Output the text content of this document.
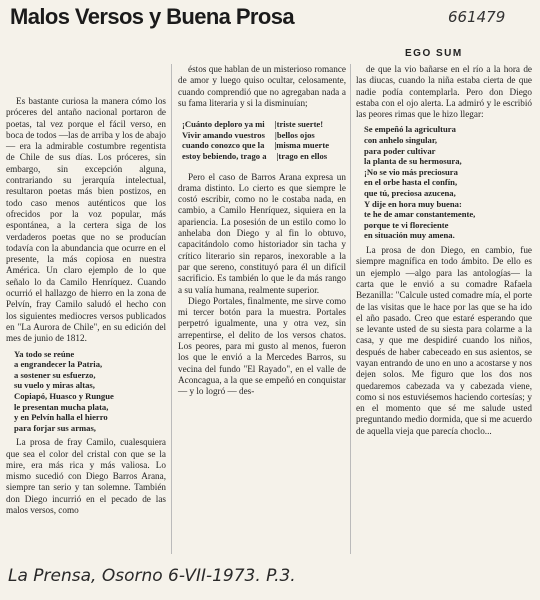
Malos Versos y Buena Prosa	661479
EGO SUM

Es bastante curiosa la manera cómo los próceres del antaño nacional portaron de poetas, tal vez porque el fácil verso, en boca de todos —las de arriba y los de abajo— era la admirable costumbre regentista de Chile de sus días. Los próceres, sin embargo, sin excepción alguna, contrariando su jerarquía intelectual, resultaron poetas más bien postizos, en todo caso menos auténticos que los ofrecidos por la voz popular, más espontánea, a la certera siga de los verdaderos poetas que no se producían todavía con la abundancia que ocurre en el presente, la más copiosa en nuestra América. Un claro ejemplo de lo que señalo lo da Camilo Henríquez. Cuando ocurrió el hallazgo de hierro en la zona de Pelvín, fray Camilo saludó el hecho con los siguientes mediocres versos publicados en "La Aurora de Chile", en su edición del mes de junio de 1812.

Ya todo se reúne
a engrandecer la Patria,
a sostener su esfuerzo,
su vuelo y miras altas,
Copiapó, Huasco y Rungue
le presentan mucha plata,
y en Pelvín halla el hierro
para forjar sus armas,

La prosa de fray Camilo, cualesquiera que sea el color del cristal con que se la mire, era más rica y más valiosa. Lo mismo sucedió con Diego Barros Arana, siempre tan serio y tan solemne. También don Diego incurrió en el pecado de las malos versos, como

éstos que hablan de un misterioso romance de amor y luego quiso ocultar, celosamente, cuando comprendió que no agregaban nada a su fama literaria y si la disminuían;

¡Cuánto deploro ya mi |triste suerte!
Vivir amando vuestros |bellos ojos
cuando conozco que la |misma muerte
estoy bebiendo, trago a |trago en ellos

Pero el caso de Barros Arana expresa un drama distinto. Lo cierto es que siempre le costó escribir, como no le costaba nada, en cambio, a Camilo Henríquez, siquiera en la apariencia. La posesión de un estilo como lo anhelaba don Diego y al fin lo obtuvo, capacitándolo como historiador sin tacha y crítico literario sin reparos, inexorable a la par que sereno, constituyó para él un difícil sacrificio. Es también lo que le da más rango a su valía humana, realmente superior.

Diego Portales, finalmente, me sirve como mi tercer botón para la muestra. Portales perpetró igualmente, una y otra vez, sin arrepentirse, el delito de los versos chatos. Los peores, para mi gusto al menos, fueron los que le envió a la Mercedes Barros, su vecina del fundo "El Rayado", en el valle de Aconcagua, a la que se empeñó en conquistar — y lo logró — des-

de que la vio bañarse en el río a la hora de las diucas, cuando la niña estaba cierta de que nadie podía contemplarla. Pero don Diego estaba con el ojo alerta. La admiró y le escribió las peores rimas que le hizo llegar:

Se empeñó la agricultura
con anhelo singular,
para poder cultivar
la planta de su hermosura,
¡No se vio más preciosura
en el orbe hasta el confín,
que tú, preciosa azucena,
Y dije en hora muy buena:
te he de amar constantemente,
porque te vi floreciente
en situación muy amena.

La prosa de don Diego, en cambio, fue siempre magnífica en todo ámbito. De ello es un ejemplo —algo para las antologías— la carta que le envió a su comadre Rafaela Bezanilla: "Calcule usted comadre mía, el porte de las visitas que le hace por las que se ha ido el año pasado. Creo que estaré esperando que se levante usted de su siesta para colarme a la casa, y que me despidiré cuando los niños, después de haber cabeceado en sus asientos, se vayan entrando de uno en uno a acostarse y nos dejen solos. Me figuro que los dos nos quedaremos cabezada va y cabezada viene, como si nos estuviésemos haciendo cortesías; y en el momento que sé me salude usted preguntando medio dormida, que si me acuerdo de aquella vieja que parecía choclo...

La Prensa, Osorno 6-VII-1973. P.3.
